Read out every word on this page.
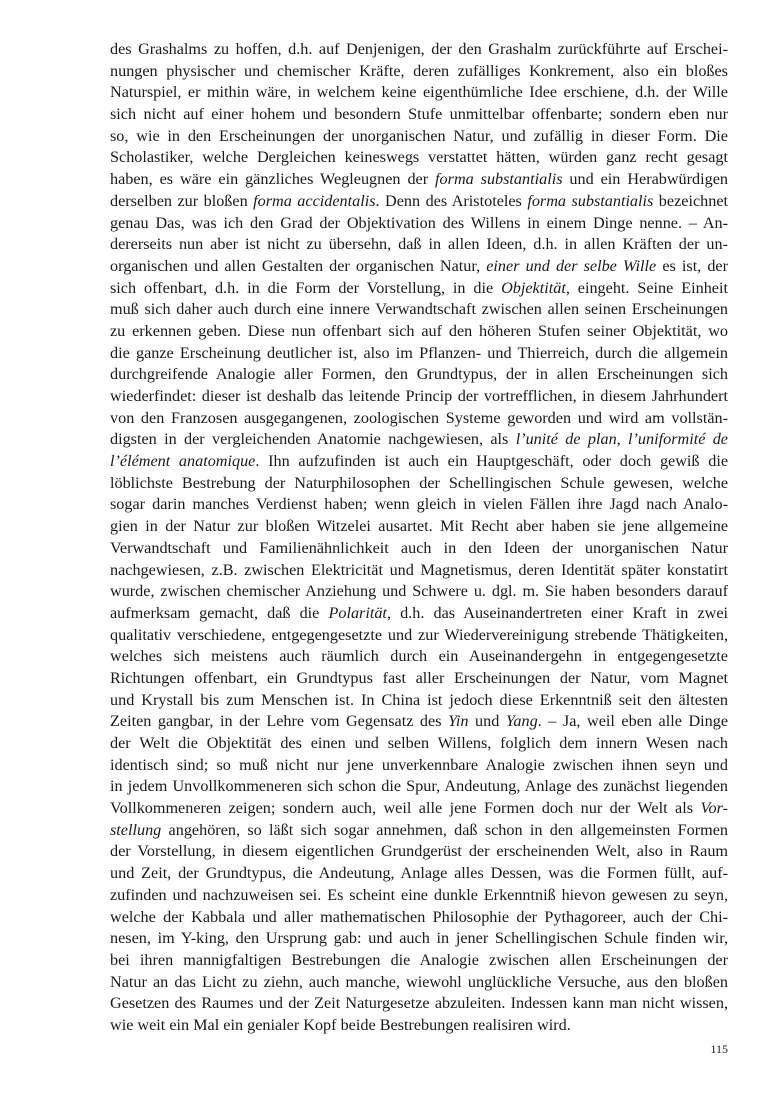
des Grashalms zu hoffen, d.h. auf Denjenigen, der den Grashalm zurückführte auf Erschei-
nungen physischer und chemischer Kräfte, deren zufälliges Konkrement, also ein bloßes
Naturspiel, er mithin wäre, in welchem keine eigenthümliche Idee erschiene, d.h. der Wille
sich nicht auf einer hohem und besondern Stufe unmittelbar offenbarte; sondern eben nur
so, wie in den Erscheinungen der unorganischen Natur, und zufällig in dieser Form. Die
Scholastiker, welche Dergleichen keineswegs verstattet hätten, würden ganz recht gesagt
haben, es wäre ein gänzliches Wegleugnen der forma substantialis und ein Herabwürdigen
derselben zur bloßen forma accidentalis. Denn des Aristoteles forma substantialis bezeichnet
genau Das, was ich den Grad der Objektivation des Willens in einem Dinge nenne. – An-
dererseits nun aber ist nicht zu übersehn, daß in allen Ideen, d.h. in allen Kräften der un-
organischen und allen Gestalten der organischen Natur, einer und der selbe Wille es ist, der
sich offenbart, d.h. in die Form der Vorstellung, in die Objektität, eingeht. Seine Einheit
muß sich daher auch durch eine innere Verwandtschaft zwischen allen seinen Erscheinungen
zu erkennen geben. Diese nun offenbart sich auf den höheren Stufen seiner Objektität, wo
die ganze Erscheinung deutlicher ist, also im Pflanzen- und Thierreich, durch die allgemein
durchgreifende Analogie aller Formen, den Grundtypus, der in allen Erscheinungen sich
wiederfindet: dieser ist deshalb das leitende Princip der vortrefflichen, in diesem Jahrhundert
von den Franzosen ausgegangenen, zoologischen Systeme geworden und wird am vollstän-
digsten in der vergleichenden Anatomie nachgewiesen, als l’unité de plan, l’uniformité de
l’élément anatomique. Ihn aufzufinden ist auch ein Hauptgeschäft, oder doch gewiß die
löblichste Bestrebung der Naturphilosophen der Schellingischen Schule gewesen, welche
sogar darin manches Verdienst haben; wenn gleich in vielen Fällen ihre Jagd nach Analo-
gien in der Natur zur bloßen Witzelei ausartet. Mit Recht aber haben sie jene allgemeine
Verwandtschaft und Familienähnlichkeit auch in den Ideen der unorganischen Natur
nachgewiesen, z.B. zwischen Elektricität und Magnetismus, deren Identität später konstatirt
wurde, zwischen chemischer Anziehung und Schwere u. dgl. m. Sie haben besonders darauf
aufmerksam gemacht, daß die Polarität, d.h. das Auseinandertreten einer Kraft in zwei
qualitativ verschiedene, entgegengesetzte und zur Wiedervereinigung strebende Thätigkeiten,
welches sich meistens auch räumlich durch ein Auseinandergehn in entgegengesetzte
Richtungen offenbart, ein Grundtypus fast aller Erscheinungen der Natur, vom Magnet
und Krystall bis zum Menschen ist. In China ist jedoch diese Erkenntniß seit den ältesten
Zeiten gangbar, in der Lehre vom Gegensatz des Yin und Yang. – Ja, weil eben alle Dinge
der Welt die Objektität des einen und selben Willens, folglich dem innern Wesen nach
identisch sind; so muß nicht nur jene unverkennbare Analogie zwischen ihnen seyn und
in jedem Unvollkommeneren sich schon die Spur, Andeutung, Anlage des zunächst liegenden
Vollkommeneren zeigen; sondern auch, weil alle jene Formen doch nur der Welt als Vor-
stellung angehören, so läßt sich sogar annehmen, daß schon in den allgemeinsten Formen
der Vorstellung, in diesem eigentlichen Grundgerüst der erscheinenden Welt, also in Raum
und Zeit, der Grundtypus, die Andeutung, Anlage alles Dessen, was die Formen füllt, auf-
zufinden und nachzuweisen sei. Es scheint eine dunkle Erkenntniß hievon gewesen zu seyn,
welche der Kabbala und aller mathematischen Philosophie der Pythagoreer, auch der Chi-
nesen, im Y-king, den Ursprung gab: und auch in jener Schellingischen Schule finden wir,
bei ihren mannigfaltigen Bestrebungen die Analogie zwischen allen Erscheinungen der
Natur an das Licht zu ziehn, auch manche, wiewohl unglückliche Versuche, aus den bloßen
Gesetzen des Raumes und der Zeit Naturgesetze abzuleiten. Indessen kann man nicht wissen,
wie weit ein Mal ein genialer Kopf beide Bestrebungen realisiren wird.
115
